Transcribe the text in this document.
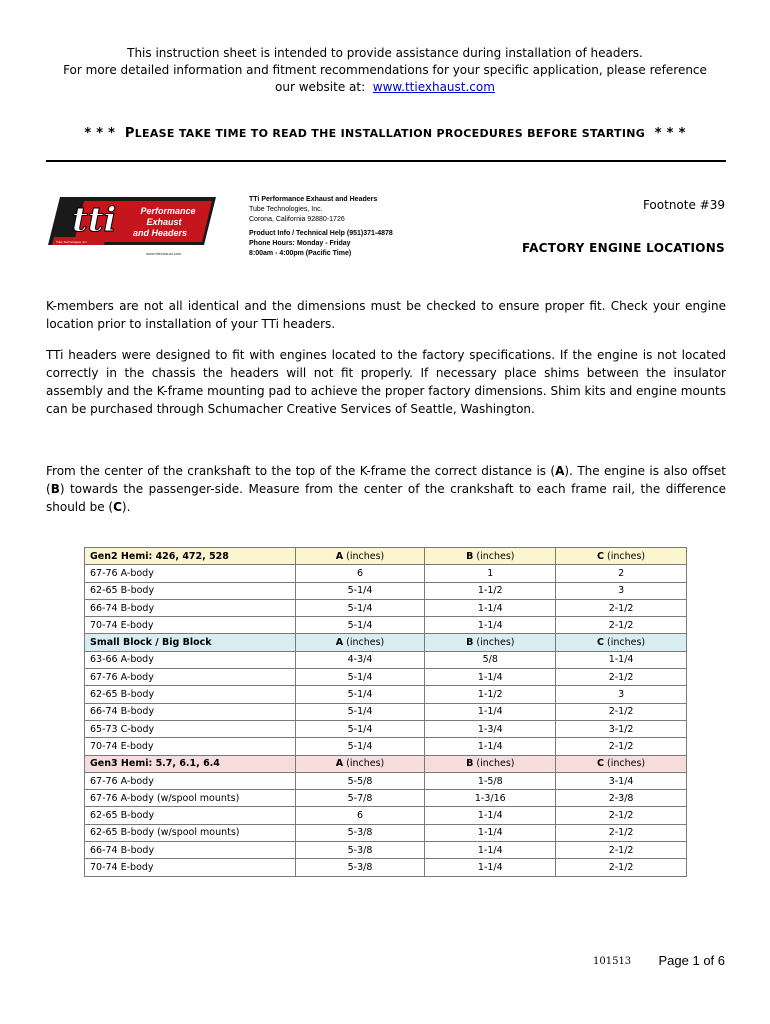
This instruction sheet is intended to provide assistance during installation of headers.
For more detailed information and fitment recommendations for your specific application, please reference
our website at: www.ttiexhaust.com
* * * PLEASE TAKE TIME TO READ THE INSTALLATION PROCEDURES BEFORE STARTING * * *
tti	Performance
Exhaust
and Headers
Tube Technologies, Inc.
www.ttiexhaust.com
TTi Performance Exhaust and Headers
Tube Technologies, Inc.
Corona, California 92880-1726
Product Info / Technical Help (951)371-4878
Phone Hours: Monday - Friday
8:00am - 4:00pm (Pacific Time)
Footnote #39
FACTORY ENGINE LOCATIONS
K-members are not all identical and the dimensions must be checked to ensure proper fit. Check your engine location prior to installation of your TTi headers.
TTi headers were designed to fit with engines located to the factory specifications. If the engine is not located correctly in the chassis the headers will not fit properly. If necessary place shims between the insulator assembly and the K-frame mounting pad to achieve the proper factory dimensions. Shim kits and engine mounts can be purchased through Schumacher Creative Services of Seattle, Washington.
From the center of the crankshaft to the top of the K-frame the correct distance is (A). The engine is also offset (B) towards the passenger-side. Measure from the center of the crankshaft to each frame rail, the difference should be (C).
Gen2 Hemi: 426, 472, 528	A (inches)	B (inches)	C (inches)
67-76 A-body	6	1	2
62-65 B-body	5-1/4	1-1/2	3
66-74 B-body	5-1/4	1-1/4	2-1/2
70-74 E-body	5-1/4	1-1/4	2-1/2
Small Block / Big Block	A (inches)	B (inches)	C (inches)
63-66 A-body	4-3/4	5/8	1-1/4
67-76 A-body	5-1/4	1-1/4	2-1/2
62-65 B-body	5-1/4	1-1/2	3
66-74 B-body	5-1/4	1-1/4	2-1/2
65-73 C-body	5-1/4	1-3/4	3-1/2
70-74 E-body	5-1/4	1-1/4	2-1/2
Gen3 Hemi: 5.7, 6.1, 6.4	A (inches)	B (inches)	C (inches)
67-76 A-body	5-5/8	1-5/8	3-1/4
67-76 A-body (w/spool mounts)	5-7/8	1-3/16	2-3/8
62-65 B-body	6	1-1/4	2-1/2
62-65 B-body (w/spool mounts)	5-3/8	1-1/4	2-1/2
66-74 B-body	5-3/8	1-1/4	2-1/2
70-74 E-body	5-3/8	1-1/4	2-1/2
101513 Page 1 of 6
